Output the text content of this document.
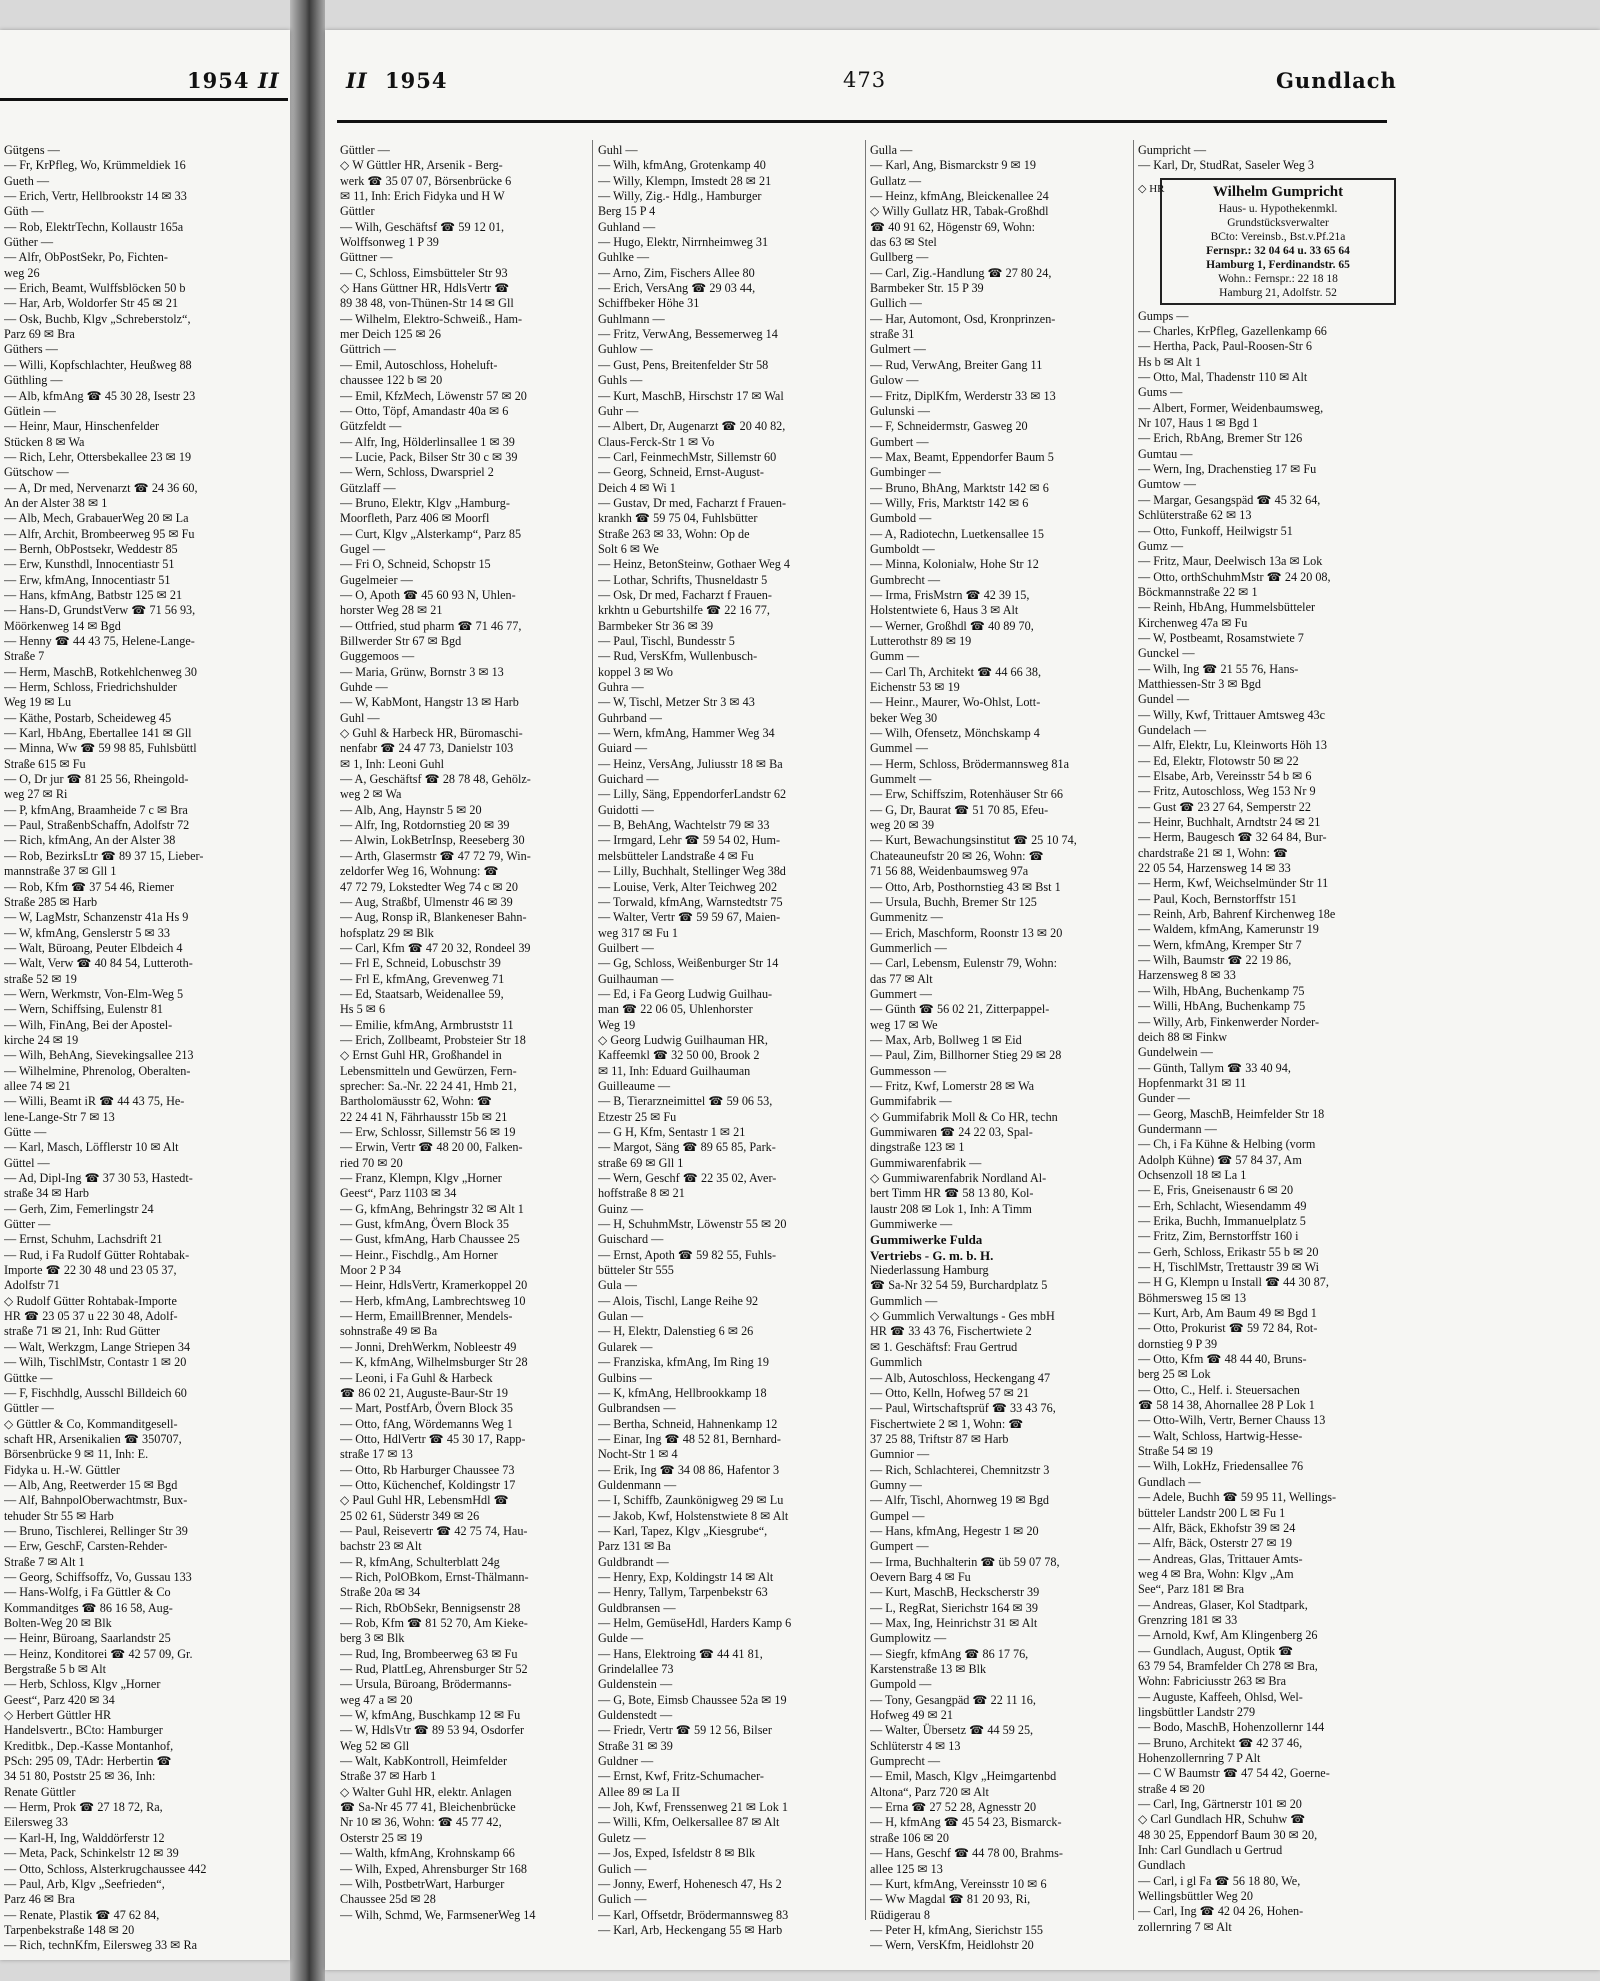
1954 II	II 1954	473	Gundlach
Gütgens —
— Fr, KrPfleg, Wo, Krümmeldiek 16
Gueth —
— Erich, Vertr, Hellbrookstr 14 ✉ 33
Güth —
— Rob, ElektrTechn, Kollaustr 165a
Güther —
— Alfr, ObPostSekr, Po, Fichten-
weg 26
— Erich, Beamt, Wulffsblöcken 50 b
— Har, Arb, Woldorfer Str 45 ✉ 21
— Osk, Buchb, Klgv „Schreberstolz“,
Parz 69 ✉ Bra
Güthers —
— Willi, Kopfschlachter, Heußweg 88
Güthling —
— Alb, kfmAng ☎ 45 30 28, Isestr 23
Gütlein —
— Heinr, Maur, Hinschenfelder
Stücken 8 ✉ Wa
— Rich, Lehr, Ottersbekallee 23 ✉ 19
Gütschow —
— A, Dr med, Nervenarzt ☎ 24 36 60,
An der Alster 38 ✉ 1
— Alb, Mech, GrabauerWeg 20 ✉ La
— Alfr, Archit, Brombeerweg 95 ✉ Fu
— Bernh, ObPostsekr, Weddestr 85
— Erw, Kunsthdl, Innocentiastr 51
— Erw, kfmAng, Innocentiastr 51
— Hans, kfmAng, Batbstr 125 ✉ 21
— Hans-D, GrundstVerw ☎ 71 56 93,
Möörkenweg 14 ✉ Bgd
— Henny ☎ 44 43 75, Helene-Lange-
Straße 7
— Herm, MaschB, Rotkehlchenweg 30
— Herm, Schloss, Friedrichshulder
Weg 19 ✉ Lu
— Käthe, Postarb, Scheideweg 45
— Karl, HbAng, Ebertallee 141 ✉ Gll
— Minna, Ww ☎ 59 98 85, Fuhlsbüttl
Straße 615 ✉ Fu
— O, Dr jur ☎ 81 25 56, Rheingold-
weg 27 ✉ Ri
— P, kfmAng, Braamheide 7 c ✉ Bra
— Paul, StraßenbSchaffn, Adolfstr 72
— Rich, kfmAng, An der Alster 38
— Rob, BezirksLtr ☎ 89 37 15, Lieber-
mannstraße 37 ✉ Gll 1
— Rob, Kfm ☎ 37 54 46, Riemer
Straße 285 ✉ Harb
— W, LagMstr, Schanzenstr 41a Hs 9
— W, kfmAng, Genslerstr 5 ✉ 33
— Walt, Büroang, Peuter Elbdeich 4
— Walt, Verw ☎ 40 84 54, Lutteroth-
straße 52 ✉ 19
— Wern, Werkmstr, Von-Elm-Weg 5
— Wern, Schiffsing, Eulenstr 81
— Wilh, FinAng, Bei der Apostel-
kirche 24 ✉ 19
— Wilh, BehAng, Sievekingsallee 213
— Wilhelmine, Phrenolog, Oberalten-
allee 74 ✉ 21
— Willi, Beamt iR ☎ 44 43 75, He-
lene-Lange-Str 7 ✉ 13
Gütte —
— Karl, Masch, Löfflerstr 10 ✉ Alt
Güttel —
— Ad, Dipl-Ing ☎ 37 30 53, Hastedt-
straße 34 ✉ Harb
— Gerh, Zim, Femerlingstr 24
Gütter —
— Ernst, Schuhm, Lachsdrift 21
— Rud, i Fa Rudolf Gütter Rohtabak-
Importe ☎ 22 30 48 und 23 05 37,
Adolfstr 71
◇ Rudolf Gütter Rohtabak-Importe
HR ☎ 23 05 37 u 22 30 48, Adolf-
straße 71 ✉ 21, Inh: Rud Gütter
— Walt, Werkzgm, Lange Striepen 34
— Wilh, TischlMstr, Contastr 1 ✉ 20
Güttke —
— F, Fischhdlg, Ausschl Billdeich 60
Güttler —
◇ Güttler & Co, Kommanditgesell-
schaft HR, Arsenikalien ☎ 350707,
Börsenbrücke 9 ✉ 11, Inh: E.
Fidyka u. H.-W. Güttler
— Alb, Ang, Reetwerder 15 ✉ Bgd
— Alf, BahnpolOberwachtmstr, Bux-
tehuder Str 55 ✉ Harb
— Bruno, Tischlerei, Rellinger Str 39
— Erw, GeschF, Carsten-Rehder-
Straße 7 ✉ Alt 1
— Georg, Schiffsoffz, Vo, Gussau 133
— Hans-Wolfg, i Fa Güttler & Co
Kommanditges ☎ 86 16 58, Aug-
Bolten-Weg 20 ✉ Blk
— Heinr, Büroang, Saarlandstr 25
— Heinz, Konditorei ☎ 42 57 09, Gr.
Bergstraße 5 b ✉ Alt
— Herb, Schloss, Klgv „Horner
Geest“, Parz 420 ✉ 34
◇ Herbert Güttler HR
Handelsvertr., BCto: Hamburger
Kreditbk., Dep.-Kasse Montanhof,
PSch: 295 09, TAdr: Herbertin ☎
34 51 80, Poststr 25 ✉ 36, Inh:
Renate Güttler
— Herm, Prok ☎ 27 18 72, Ra,
Eilersweg 33
— Karl-H, Ing, Walddörferstr 12
— Meta, Pack, Schinkelstr 12 ✉ 39
— Otto, Schloss, Alsterkrugchaussee 442
— Paul, Arb, Klgv „Seefrieden“,
Parz 46 ✉ Bra
— Renate, Plastik ☎ 47 62 84,
Tarpenbekstraße 148 ✉ 20
— Rich, technKfm, Eilersweg 33 ✉ Ra
Güttler —
◇ W Güttler HR, Arsenik - Berg-
werk ☎ 35 07 07, Börsenbrücke 6
✉ 11, Inh: Erich Fidyka und H W
Güttler
— Wilh, Geschäftsf ☎ 59 12 01,
Wolffsonweg 1 P 39
Güttner —
— C, Schloss, Eimsbütteler Str 93
◇ Hans Güttner HR, HdlsVertr ☎
89 38 48, von-Thünen-Str 14 ✉ Gll
— Wilhelm, Elektro-Schweiß., Ham-
mer Deich 125 ✉ 26
Güttrich —
— Emil, Autoschloss, Hoheluft-
chaussee 122 b ✉ 20
— Emil, KfzMech, Löwenstr 57 ✉ 20
— Otto, Töpf, Amandastr 40a ✉ 6
Gützfeldt —
— Alfr, Ing, Hölderlinsallee 1 ✉ 39
— Lucie, Pack, Bilser Str 30 c ✉ 39
— Wern, Schloss, Dwarspriel 2
Gützlaff —
— Bruno, Elektr, Klgv „Hamburg-
Moorfleth, Parz 406 ✉ Moorfl
— Curt, Klgv „Alsterkamp“, Parz 85
Gugel —
— Fri O, Schneid, Schopstr 15
Gugelmeier —
— O, Apoth ☎ 45 60 93 N, Uhlen-
horster Weg 28 ✉ 21
— Ottfried, stud pharm ☎ 71 46 77,
Billwerder Str 67 ✉ Bgd
Guggemoos —
— Maria, Grünw, Bornstr 3 ✉ 13
Guhde —
— W, KabMont, Hangstr 13 ✉ Harb
Guhl —
◇ Guhl & Harbeck HR, Büromaschi-
nenfabr ☎ 24 47 73, Danielstr 103
✉ 1, Inh: Leoni Guhl
— A, Geschäftsf ☎ 28 78 48, Gehölz-
weg 2 ✉ Wa
— Alb, Ang, Haynstr 5 ✉ 20
— Alfr, Ing, Rotdornstieg 20 ✉ 39
— Alwin, LokBetrInsp, Reeseberg 30
— Arth, Glasermstr ☎ 47 72 79, Win-
zeldorfer Weg 16, Wohnung: ☎
47 72 79, Lokstedter Weg 74 c ✉ 20
— Aug, Straßbf, Ulmenstr 46 ✉ 39
— Aug, Ronsp iR, Blankeneser Bahn-
hofsplatz 29 ✉ Blk
— Carl, Kfm ☎ 47 20 32, Rondeel 39
— Frl E, Schneid, Lobuschstr 39
— Frl E, kfmAng, Grevenweg 71
— Ed, Staatsarb, Weidenallee 59,
Hs 5 ✉ 6
— Emilie, kfmAng, Armbruststr 11
— Erich, Zollbeamt, Probsteier Str 18
◇ Ernst Guhl HR, Großhandel in
Lebensmitteln und Gewürzen, Fern-
sprecher: Sa.-Nr. 22 24 41, Hmb 21,
Bartholomäusstr 62, Wohn: ☎
22 24 41 N, Fährhausstr 15b ✉ 21
— Erw, Schlossr, Sillemstr 56 ✉ 19
— Erwin, Vertr ☎ 48 20 00, Falken-
ried 70 ✉ 20
— Franz, Klempn, Klgv „Horner
Geest“, Parz 1103 ✉ 34
— G, kfmAng, Behringstr 32 ✉ Alt 1
— Gust, kfmAng, Övern Block 35
— Gust, kfmAng, Harb Chaussee 25
— Heinr., Fischdlg., Am Horner
Moor 2 P 34
— Heinr, HdlsVertr, Kramerkoppel 20
— Herb, kfmAng, Lambrechtsweg 10
— Herm, EmaillBrenner, Mendels-
sohnstraße 49 ✉ Ba
— Jonni, DrehWerkm, Nobleestr 49
— K, kfmAng, Wilhelmsburger Str 28
— Leoni, i Fa Guhl & Harbeck
☎ 86 02 21, Auguste-Baur-Str 19
— Mart, PostfArb, Övern Block 35
— Otto, fAng, Wördemanns Weg 1
— Otto, HdlVertr ☎ 45 30 17, Rapp-
straße 17 ✉ 13
— Otto, Rb Harburger Chaussee 73
— Otto, Küchenchef, Koldingstr 17
◇ Paul Guhl HR, LebensmHdl ☎
25 02 61, Süderstr 349 ✉ 26
— Paul, Reisevertr ☎ 42 75 74, Hau-
bachstr 23 ✉ Alt
— R, kfmAng, Schulterblatt 24g
— Rich, PolOBkom, Ernst-Thälmann-
Straße 20a ✉ 34
— Rich, RbObSekr, Bennigsenstr 28
— Rob, Kfm ☎ 81 52 70, Am Kieke-
berg 3 ✉ Blk
— Rud, Ing, Brombeerweg 63 ✉ Fu
— Rud, PlattLeg, Ahrensburger Str 52
— Ursula, Büroang, Brödermanns-
weg 47 a ✉ 20
— W, kfmAng, Buschkamp 12 ✉ Fu
— W, HdlsVtr ☎ 89 53 94, Osdorfer
Weg 52 ✉ Gll
— Walt, KabKontroll, Heimfelder
Straße 37 ✉ Harb 1
◇ Walter Guhl HR, elektr. Anlagen
☎ Sa-Nr 45 77 41, Bleichenbrücke
Nr 10 ✉ 36, Wohn: ☎ 45 77 42,
Osterstr 25 ✉ 19
— Walth, kfmAng, Krohnskamp 66
— Wilh, Exped, Ahrensburger Str 168
— Wilh, PostbetrWart, Harburger
Chaussee 25d ✉ 28
— Wilh, Schmd, We, FarmsenerWeg 14
Guhl —
— Wilh, kfmAng, Grotenkamp 40
— Willy, Klempn, Imstedt 28 ✉ 21
— Willy, Zig.- Hdlg., Hamburger
Berg 15 P 4
Guhland —
— Hugo, Elektr, Nirrnheimweg 31
Guhlke —
— Arno, Zim, Fischers Allee 80
— Erich, VersAng ☎ 29 03 44,
Schiffbeker Höhe 31
Guhlmann —
— Fritz, VerwAng, Bessemerweg 14
Guhlow —
— Gust, Pens, Breitenfelder Str 58
Guhls —
— Kurt, MaschB, Hirschstr 17 ✉ Wal
Guhr —
— Albert, Dr, Augenarzt ☎ 20 40 82,
Claus-Ferck-Str 1 ✉ Vo
— Carl, FeinmechMstr, Sillemstr 60
— Georg, Schneid, Ernst-August-
Deich 4 ✉ Wi 1
— Gustav, Dr med, Facharzt f Frauen-
krankh ☎ 59 75 04, Fuhlsbütter
Straße 263 ✉ 33, Wohn: Op de
Solt 6 ✉ We
— Heinz, BetonSteinw, Gothaer Weg 4
— Lothar, Schrifts, Thusneldastr 5
— Osk, Dr med, Facharzt f Frauen-
krkhtn u Geburtshilfe ☎ 22 16 77,
Barmbeker Str 36 ✉ 39
— Paul, Tischl, Bundesstr 5
— Rud, VersKfm, Wullenbusch-
koppel 3 ✉ Wo
Guhra —
— W, Tischl, Metzer Str 3 ✉ 43
Guhrband —
— Wern, kfmAng, Hammer Weg 34
Guiard —
— Heinz, VersAng, Juliusstr 18 ✉ Ba
Guichard —
— Lilly, Säng, EppendorferLandstr 62
Guidotti —
— B, BehAng, Wachtelstr 79 ✉ 33
— Irmgard, Lehr ☎ 59 54 02, Hum-
melsbütteler Landstraße 4 ✉ Fu
— Lilly, Buchhalt, Stellinger Weg 38d
— Louise, Verk, Alter Teichweg 202
— Torwald, kfmAng, Warnstedtstr 75
— Walter, Vertr ☎ 59 59 67, Maien-
weg 317 ✉ Fu 1
Guilbert —
— Gg, Schloss, Weißenburger Str 14
Guilhauman —
— Ed, i Fa Georg Ludwig Guilhau-
man ☎ 22 06 05, Uhlenhorster
Weg 19
◇ Georg Ludwig Guilhauman HR,
Kaffeemkl ☎ 32 50 00, Brook 2
✉ 11, Inh: Eduard Guilhauman
Guilleaume —
— B, Tierarzneimittel ☎ 59 06 53,
Etzestr 25 ✉ Fu
— G H, Kfm, Sentastr 1 ✉ 21
— Margot, Säng ☎ 89 65 85, Park-
straße 69 ✉ Gll 1
— Wern, Geschf ☎ 22 35 02, Aver-
hoffstraße 8 ✉ 21
Guinz —
— H, SchuhmMstr, Löwenstr 55 ✉ 20
Guischard —
— Ernst, Apoth ☎ 59 82 55, Fuhls-
bütteler Str 555
Gula —
— Alois, Tischl, Lange Reihe 92
Gulan —
— H, Elektr, Dalenstieg 6 ✉ 26
Gularek —
— Franziska, kfmAng, Im Ring 19
Gulbins —
— K, kfmAng, Hellbrookkamp 18
Gulbrandsen —
— Bertha, Schneid, Hahnenkamp 12
— Einar, Ing ☎ 48 52 81, Bernhard-
Nocht-Str 1 ✉ 4
— Erik, Ing ☎ 34 08 86, Hafentor 3
Guldenmann —
— I, Schiffb, Zaunkönigweg 29 ✉ Lu
— Jakob, Kwf, Holstenstwiete 8 ✉ Alt
— Karl, Tapez, Klgv „Kiesgrube“,
Parz 131 ✉ Ba
Guldbrandt —
— Henry, Exp, Koldingstr 14 ✉ Alt
— Henry, Tallym, Tarpenbekstr 63
Guldbransen —
— Helm, GemüseHdl, Harders Kamp 6
Gulde —
— Hans, Elektroing ☎ 44 41 81,
Grindelallee 73
Guldenstein —
— G, Bote, Eimsb Chaussee 52a ✉ 19
Guldenstedt —
— Friedr, Vertr ☎ 59 12 56, Bilser
Straße 31 ✉ 39
Guldner —
— Ernst, Kwf, Fritz-Schumacher-
Allee 89 ✉ La II
— Joh, Kwf, Frenssenweg 21 ✉ Lok 1
— Willi, Kfm, Oelkersallee 87 ✉ Alt
Guletz —
— Jos, Exped, Isfeldstr 8 ✉ Blk
Gulich —
— Jonny, Ewerf, Hohenesch 47, Hs 2
Gulich —
— Karl, Offsetdr, Brödermannsweg 83
— Karl, Arb, Heckengang 55 ✉ Harb
Gulla —
— Karl, Ang, Bismarckstr 9 ✉ 19
Gullatz —
— Heinz, kfmAng, Bleickenallee 24
◇ Willy Gullatz HR, Tabak-Großhdl
☎ 40 91 62, Högenstr 69, Wohn:
das 63 ✉ Stel
Gullberg —
— Carl, Zig.-Handlung ☎ 27 80 24,
Barmbeker Str. 15 P 39
Gullich —
— Har, Automont, Osd, Kronprinzen-
straße 31
Gulmert —
— Rud, VerwAng, Breiter Gang 11
Gulow —
— Fritz, DiplKfm, Werderstr 33 ✉ 13
Gulunski —
— F, Schneidermstr, Gasweg 20
Gumbert —
— Max, Beamt, Eppendorfer Baum 5
Gumbinger —
— Bruno, BhAng, Marktstr 142 ✉ 6
— Willy, Fris, Marktstr 142 ✉ 6
Gumbold —
— A, Radiotechn, Luetkensallee 15
Gumboldt —
— Minna, Kolonialw, Hohe Str 12
Gumbrecht —
— Irma, FrisMstrn ☎ 42 39 15,
Holstentwiete 6, Haus 3 ✉ Alt
— Werner, Großhdl ☎ 40 89 70,
Lutterothstr 89 ✉ 19
Gumm —
— Carl Th, Architekt ☎ 44 66 38,
Eichenstr 53 ✉ 19
— Heinr., Maurer, Wo-Ohlst, Lott-
beker Weg 30
— Wilh, Ofensetz, Mönchskamp 4
Gummel —
— Herm, Schloss, Brödermannsweg 81a
Gummelt —
— Erw, Schiffszim, Rotenhäuser Str 66
— G, Dr, Baurat ☎ 51 70 85, Efeu-
weg 20 ✉ 39
— Kurt, Bewachungsinstitut ☎ 25 10 74,
Chateauneufstr 20 ✉ 26, Wohn: ☎
71 56 88, Weidenbaumsweg 97a
— Otto, Arb, Posthornstieg 43 ✉ Bst 1
— Ursula, Buchh, Bremer Str 125
Gummenitz —
— Erich, Maschform, Roonstr 13 ✉ 20
Gummerlich —
— Carl, Lebensm, Eulenstr 79, Wohn:
das 77 ✉ Alt
Gummert —
— Günth ☎ 56 02 21, Zitterpappel-
weg 17 ✉ We
— Max, Arb, Bollweg 1 ✉ Eid
— Paul, Zim, Billhorner Stieg 29 ✉ 28
Gummesson —
— Fritz, Kwf, Lomerstr 28 ✉ Wa
Gummifabrik —
◇ Gummifabrik Moll & Co HR, techn
Gummiwaren ☎ 24 22 03, Spal-
dingstraße 123 ✉ 1
Gummiwarenfabrik —
◇ Gummiwarenfabrik Nordland Al-
bert Timm HR ☎ 58 13 80, Kol-
laustr 208 ✉ Lok 1, Inh: A Timm
Gummiwerke —
Gummiwerke Fulda
Vertriebs - G. m. b. H.
Niederlassung Hamburg
☎ Sa-Nr 32 54 59, Burchardplatz 5
Gummlich —
◇ Gummlich Verwaltungs - Ges mbH
HR ☎ 33 43 76, Fischertwiete 2
✉ 1. Geschäftsf: Frau Gertrud
Gummlich
— Alb, Autoschloss, Heckengang 47
— Otto, Kelln, Hofweg 57 ✉ 21
— Paul, Wirtschaftsprüf ☎ 33 43 76,
Fischertwiete 2 ✉ 1, Wohn: ☎
37 25 88, Triftstr 87 ✉ Harb
Gumnior —
— Rich, Schlachterei, Chemnitzstr 3
Gumny —
— Alfr, Tischl, Ahornweg 19 ✉ Bgd
Gumpel —
— Hans, kfmAng, Hegestr 1 ✉ 20
Gumpert —
— Irma, Buchhalterin ☎ üb 59 07 78,
Oevern Barg 4 ✉ Fu
— Kurt, MaschB, Heckscherstr 39
— L, RegRat, Sierichstr 164 ✉ 39
— Max, Ing, Heinrichstr 31 ✉ Alt
Gumplowitz —
— Siegfr, kfmAng ☎ 86 17 76,
Karstenstraße 13 ✉ Blk
Gumpold —
— Tony, Gesangpäd ☎ 22 11 16,
Hofweg 49 ✉ 21
— Walter, Übersetz ☎ 44 59 25,
Schlüterstr 4 ✉ 13
Gumprecht —
— Emil, Masch, Klgv „Heimgartenbd
Altona“, Parz 720 ✉ Alt
— Erna ☎ 27 52 28, Agnesstr 20
— H, kfmAng ☎ 45 54 23, Bismarck-
straße 106 ✉ 20
— Hans, Geschf ☎ 44 78 00, Brahms-
allee 125 ✉ 13
— Kurt, kfmAng, Vereinsstr 10 ✉ 6
— Ww Magdal ☎ 81 20 93, Ri,
Rüdigerau 8
— Peter H, kfmAng, Sierichstr 155
— Wern, VersKfm, Heidlohstr 20
Gumpricht —
— Karl, Dr, StudRat, Saseler Weg 3
◇ HR	Wilhelm Gumpricht
Haus- u. Hypothekenmkl.
Grundstücksverwalter
BCto: Vereinsb., Bst.v.Pf.21a
Fernspr.: 32 04 64 u. 33 65 64
Hamburg 1, Ferdinandstr. 65
Wohn.: Fernspr.: 22 18 18
Hamburg 21, Adolfstr. 52
Gumps —
— Charles, KrPfleg, Gazellenkamp 66
— Hertha, Pack, Paul-Roosen-Str 6
Hs b ✉ Alt 1
— Otto, Mal, Thadenstr 110 ✉ Alt
Gums —
— Albert, Former, Weidenbaumsweg,
Nr 107, Haus 1 ✉ Bgd 1
— Erich, RbAng, Bremer Str 126
Gumtau —
— Wern, Ing, Drachenstieg 17 ✉ Fu
Gumtow —
— Margar, Gesangspäd ☎ 45 32 64,
Schlüterstraße 62 ✉ 13
— Otto, Funkoff, Heilwigstr 51
Gumz —
— Fritz, Maur, Deelwisch 13a ✉ Lok
— Otto, orthSchuhmMstr ☎ 24 20 08,
Böckmannstraße 22 ✉ 1
— Reinh, HbAng, Hummelsbütteler
Kirchenweg 47a ✉ Fu
— W, Postbeamt, Rosamstwiete 7
Gunckel —
— Wilh, Ing ☎ 21 55 76, Hans-
Matthiessen-Str 3 ✉ Bgd
Gundel —
— Willy, Kwf, Trittauer Amtsweg 43c
Gundelach —
— Alfr, Elektr, Lu, Kleinworts Höh 13
— Ed, Elektr, Flotowstr 50 ✉ 22
— Elsabe, Arb, Vereinsstr 54 b ✉ 6
— Fritz, Autoschloss, Weg 153 Nr 9
— Gust ☎ 23 27 64, Semperstr 22
— Heinr, Buchhalt, Arndtstr 24 ✉ 21
— Herm, Baugesch ☎ 32 64 84, Bur-
chardstraße 21 ✉ 1, Wohn: ☎
22 05 54, Harzensweg 14 ✉ 33
— Herm, Kwf, Weichselmünder Str 11
— Paul, Koch, Bernstorffstr 151
— Reinh, Arb, Bahrenf Kirchenweg 18e
— Waldem, kfmAng, Kamerunstr 19
— Wern, kfmAng, Kremper Str 7
— Wilh, Baumstr ☎ 22 19 86,
Harzensweg 8 ✉ 33
— Wilh, HbAng, Buchenkamp 75
— Willi, HbAng, Buchenkamp 75
— Willy, Arb, Finkenwerder Norder-
deich 88 ✉ Finkw
Gundelwein —
— Günth, Tallym ☎ 33 40 94,
Hopfenmarkt 31 ✉ 11
Gunder —
— Georg, MaschB, Heimfelder Str 18
Gundermann —
— Ch, i Fa Kühne & Helbing (vorm
Adolph Kühne) ☎ 57 84 37, Am
Ochsenzoll 18 ✉ La 1
— E, Fris, Gneisenaustr 6 ✉ 20
— Erh, Schlacht, Wiesendamm 49
— Erika, Buchh, Immanuelplatz 5
— Fritz, Zim, Bernstorffstr 160 i
— Gerh, Schloss, Erikastr 55 b ✉ 20
— H, TischlMstr, Trettaustr 39 ✉ Wi
— H G, Klempn u Install ☎ 44 30 87,
Böhmersweg 15 ✉ 13
— Kurt, Arb, Am Baum 49 ✉ Bgd 1
— Otto, Prokurist ☎ 59 72 84, Rot-
dornstieg 9 P 39
— Otto, Kfm ☎ 48 44 40, Bruns-
berg 25 ✉ Lok
— Otto, C., Helf. i. Steuersachen
☎ 58 14 38, Ahornallee 28 P Lok 1
— Otto-Wilh, Vertr, Berner Chauss 13
— Walt, Schloss, Hartwig-Hesse-
Straße 54 ✉ 19
— Wilh, LokHz, Friedensallee 76
Gundlach —
— Adele, Buchh ☎ 59 95 11, Wellings-
bütteler Landstr 200 L ✉ Fu 1
— Alfr, Bäck, Ekhofstr 39 ✉ 24
— Alfr, Bäck, Osterstr 27 ✉ 19
— Andreas, Glas, Trittauer Amts-
weg 4 ✉ Bra, Wohn: Klgv „Am
See“, Parz 181 ✉ Bra
— Andreas, Glaser, Kol Stadtpark,
Grenzring 181 ✉ 33
— Arnold, Kwf, Am Klingenberg 26
— Gundlach, August, Optik ☎
63 79 54, Bramfelder Ch 278 ✉ Bra,
Wohn: Fabriciusstr 263 ✉ Bra
— Auguste, Kaffeeh, Ohlsd, Wel-
lingsbüttler Landstr 279
— Bodo, MaschB, Hohenzollernr 144
— Bruno, Architekt ☎ 42 37 46,
Hohenzollernring 7 P Alt
— C W Baumstr ☎ 47 54 42, Goerne-
straße 4 ✉ 20
— Carl, Ing, Gärtnerstr 101 ✉ 20
◇ Carl Gundlach HR, Schuhw ☎
48 30 25, Eppendorf Baum 30 ✉ 20,
Inh: Carl Gundlach u Gertrud
Gundlach
— Carl, i gl Fa ☎ 56 18 80, We,
Wellingsbüttler Weg 20
— Carl, Ing ☎ 42 04 26, Hohen-
zollernring 7 ✉ Alt
